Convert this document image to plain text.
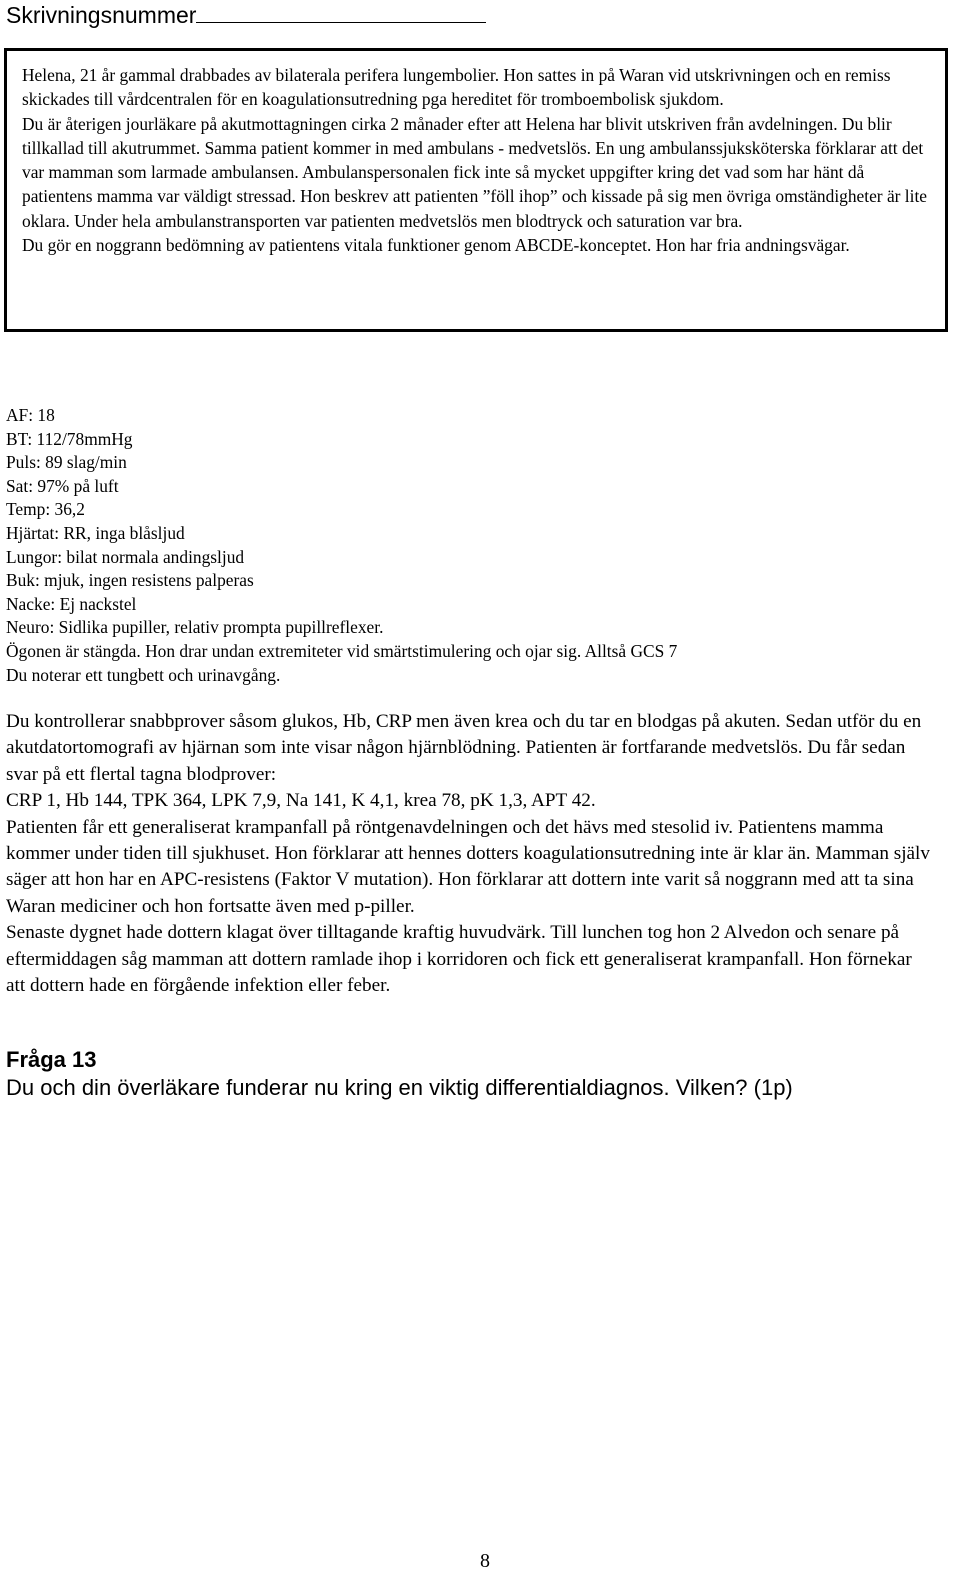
Skrivningsnummer

Helena, 21 år gammal drabbades av bilaterala perifera lungembolier. Hon sattes in på Waran vid utskrivningen och en remiss skickades till vårdcentralen för en koagulationsutredning pga hereditet för tromboembolisk sjukdom.

Du är återigen jourläkare på akutmottagningen cirka 2 månader efter att Helena har blivit utskriven från avdelningen. Du blir tillkallad till akutrummet. Samma patient kommer in med ambulans - medvetslös. En ung ambulanssjuksköterska förklarar att det var mamman som larmade ambulansen. Ambulanspersonalen fick inte så mycket uppgifter kring det vad som har hänt då patientens mamma var väldigt stressad. Hon beskrev att patienten ”föll ihop” och kissade på sig men övriga omständigheter är lite oklara. Under hela ambulanstransporten var patienten medvetslös men blodtryck och saturation var bra.

Du gör en noggrann bedömning av patientens vitala funktioner genom ABCDE-konceptet. Hon har fria andningsvägar.

AF: 18
BT: 112/78mmHg
Puls: 89 slag/min
Sat: 97% på luft
Temp: 36,2
Hjärtat: RR, inga blåsljud
Lungor: bilat normala andingsljud
Buk: mjuk, ingen resistens palperas
Nacke: Ej nackstel
Neuro: Sidlika pupiller, relativ prompta pupillreflexer.
Ögonen är stängda. Hon drar undan extremiteter vid smärtstimulering och ojar sig. Alltså GCS 7
Du noterar ett tungbett och urinavgång.

Du kontrollerar snabbprover såsom glukos, Hb, CRP men även krea och du tar en blodgas på akuten. Sedan utför du en akutdatortomografi av hjärnan som inte visar någon hjärnblödning. Patienten är fortfarande medvetslös. Du får sedan svar på ett flertal tagna blodprover:

CRP 1, Hb 144, TPK 364, LPK 7,9, Na 141, K 4,1, krea 78, pK 1,3, APT 42.

Patienten får ett generaliserat krampanfall på röntgenavdelningen och det hävs med stesolid iv. Patientens mamma kommer under tiden till sjukhuset. Hon förklarar att hennes dotters koagulationsutredning inte är klar än. Mamman själv säger att hon har en APC-resistens (Faktor V mutation). Hon förklarar att dottern inte varit så noggrann med att ta sina Waran mediciner och hon fortsatte även med p-piller.

Senaste dygnet hade dottern klagat över tilltagande kraftig huvudvärk. Till lunchen tog hon 2 Alvedon och senare på eftermiddagen såg mamman att dottern ramlade ihop i korridoren och fick ett generaliserat krampanfall. Hon förnekar att dottern hade en förgående infektion eller feber.

Fråga 13
Du och din överläkare funderar nu kring en viktig differentialdiagnos. Vilken? (1p)
8
